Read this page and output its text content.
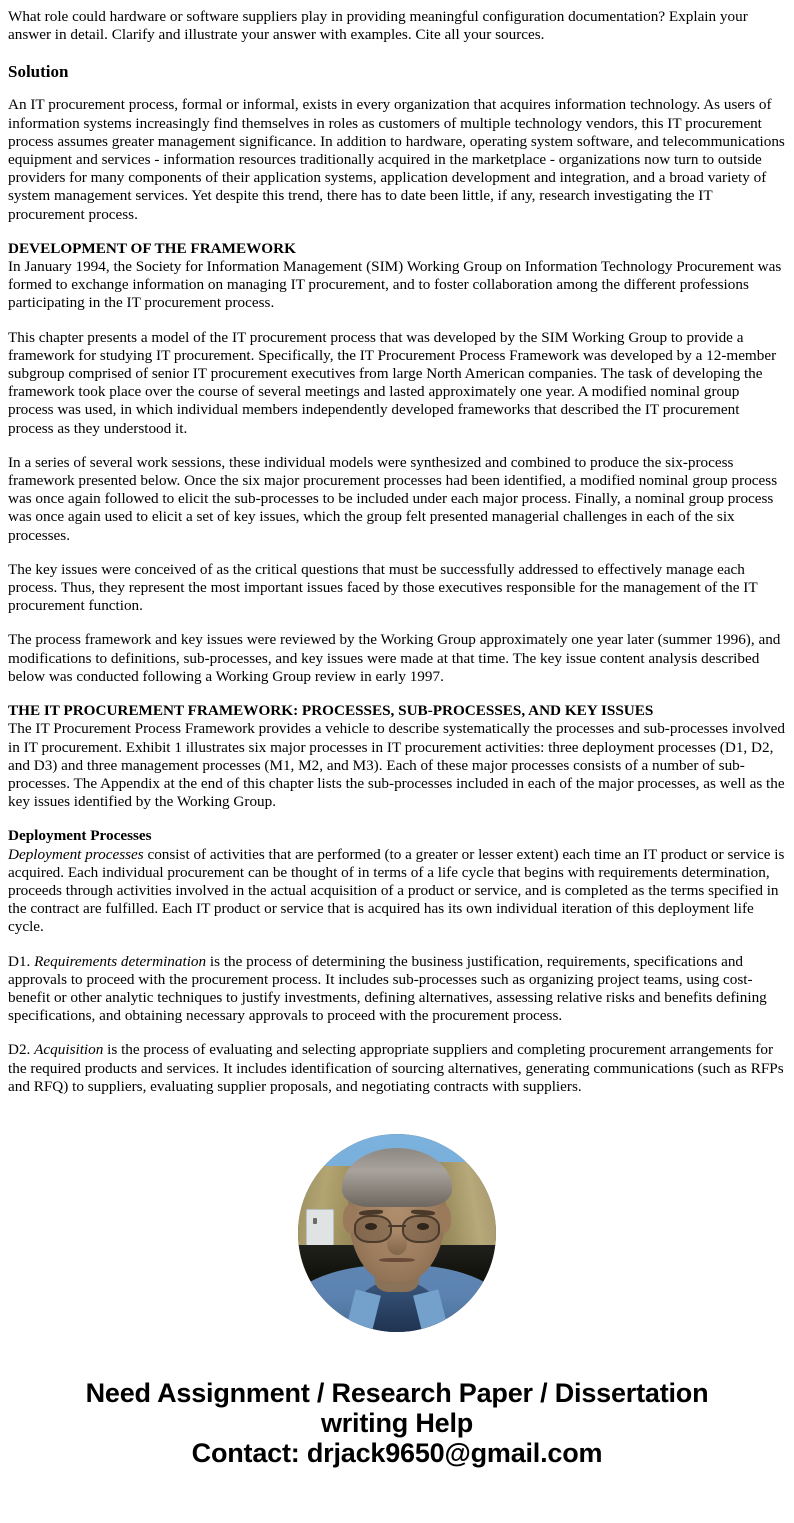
What role could hardware or software suppliers play in providing meaningful configuration documentation? Explain your answer in detail. Clarify and illustrate your answer with examples. Cite all your sources.

Solution

An IT procurement process, formal or informal, exists in every organization that acquires information technology. As users of information systems increasingly find themselves in roles as customers of multiple technology vendors, this IT procurement process assumes greater management significance. In addition to hardware, operating system software, and telecommunications equipment and services - information resources traditionally acquired in the marketplace - organizations now turn to outside providers for many components of their application systems, application development and integration, and a broad variety of system management services. Yet despite this trend, there has to date been little, if any, research investigating the IT procurement process.

DEVELOPMENT OF THE FRAMEWORK

In January 1994, the Society for Information Management (SIM) Working Group on Information Technology Procurement was formed to exchange information on managing IT procurement, and to foster collaboration among the different professions participating in the IT procurement process.

This chapter presents a model of the IT procurement process that was developed by the SIM Working Group to provide a framework for studying IT procurement. Specifically, the IT Procurement Process Framework was developed by a 12-member subgroup comprised of senior IT procurement executives from large North American companies. The task of developing the framework took place over the course of several meetings and lasted approximately one year. A modified nominal group process was used, in which individual members independently developed frameworks that described the IT procurement process as they understood it.

In a series of several work sessions, these individual models were synthesized and combined to produce the six-process framework presented below. Once the six major procurement processes had been identified, a modified nominal group process was once again followed to elicit the sub-processes to be included under each major process. Finally, a nominal group process was once again used to elicit a set of key issues, which the group felt presented managerial challenges in each of the six processes.

The key issues were conceived of as the critical questions that must be successfully addressed to effectively manage each process. Thus, they represent the most important issues faced by those executives responsible for the management of the IT procurement function.

The process framework and key issues were reviewed by the Working Group approximately one year later (summer 1996), and modifications to definitions, sub-processes, and key issues were made at that time. The key issue content analysis described below was conducted following a Working Group review in early 1997.

THE IT PROCUREMENT FRAMEWORK: PROCESSES, SUB-PROCESSES, AND KEY ISSUES

The IT Procurement Process Framework provides a vehicle to describe systematically the processes and sub-processes involved in IT procurement. Exhibit 1 illustrates six major processes in IT procurement activities: three deployment processes (D1, D2, and D3) and three management processes (M1, M2, and M3). Each of these major processes consists of a number of sub-processes. The Appendix at the end of this chapter lists the sub-processes included in each of the major processes, as well as the key issues identified by the Working Group.

Deployment Processes

Deployment processes consist of activities that are performed (to a greater or lesser extent) each time an IT product or service is acquired. Each individual procurement can be thought of in terms of a life cycle that begins with requirements determination, proceeds through activities involved in the actual acquisition of a product or service, and is completed as the terms specified in the contract are fulfilled. Each IT product or service that is acquired has its own individual iteration of this deployment life cycle.

D1. Requirements determination is the process of determining the business justification, requirements, specifications and approvals to proceed with the procurement process. It includes sub-processes such as organizing project teams, using cost-benefit or other analytic techniques to justify investments, defining alternatives, assessing relative risks and benefits defining specifications, and obtaining necessary approvals to proceed with the procurement process.

D2. Acquisition is the process of evaluating and selecting appropriate suppliers and completing procurement arrangements for the required products and services. It includes identification of sourcing alternatives, generating communications (such as RFPs and RFQ) to suppliers, evaluating supplier proposals, and negotiating contracts with suppliers.

Need Assignment / Research Paper / Dissertation
writing Help
Contact: drjack9650@gmail.com
